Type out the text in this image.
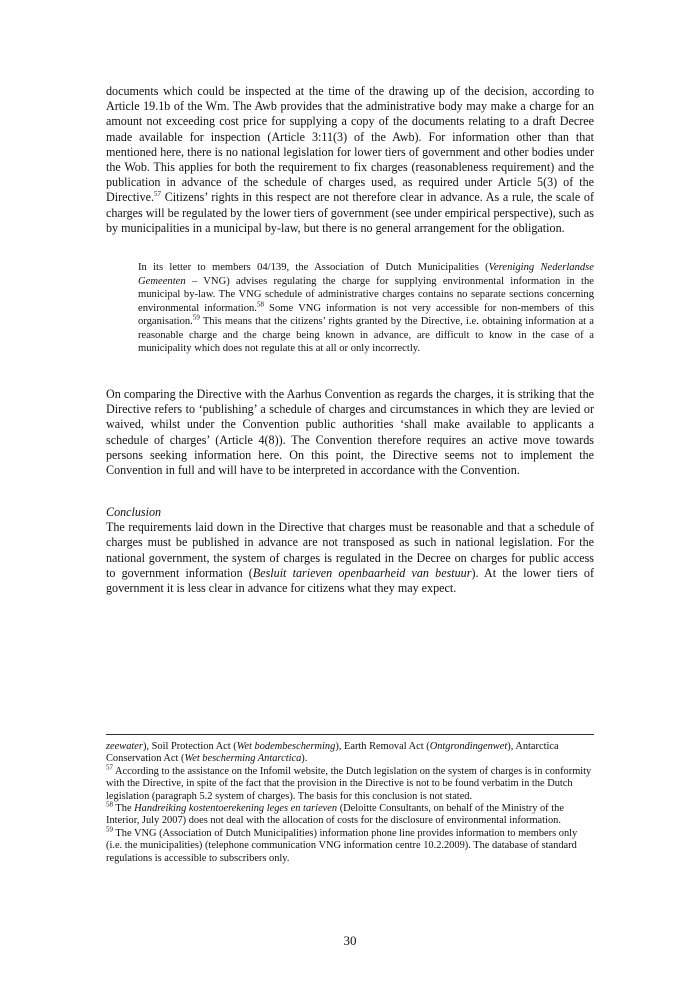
documents which could be inspected at the time of the drawing up of the decision, according to Article 19.1b of the Wm. The Awb provides that the administrative body may make a charge for an amount not exceeding cost price for supplying a copy of the documents relating to a draft Decree made available for inspection (Article 3:11(3) of the Awb). For information other than that mentioned here, there is no national legislation for lower tiers of government and other bodies under the Wob. This applies for both the requirement to fix charges (reasonableness requirement) and the publication in advance of the schedule of charges used, as required under Article 5(3) of the Directive.$^{57}$ Citizens’ rights in this respect are not therefore clear in advance. As a rule, the scale of charges will be regulated by the lower tiers of government (see under empirical perspective), such as by municipalities in a municipal by-law, but there is no general arrangement for the obligation.

In its letter to members 04/139, the Association of Dutch Municipalities (Vereniging Nederlandse Gemeenten – VNG) advises regulating the charge for supplying environmental information in the municipal by-law. The VNG schedule of administrative charges contains no separate sections concerning environmental information.$^{58}$ Some VNG information is not very accessible for non-members of this organisation.$^{59}$ This means that the citizens’ rights granted by the Directive, i.e. obtaining information at a reasonable charge and the charge being known in advance, are difficult to know in the case of a municipality which does not regulate this at all or only incorrectly.

On comparing the Directive with the Aarhus Convention as regards the charges, it is striking that the Directive refers to ‘publishing’ a schedule of charges and circumstances in which they are levied or waived, whilst under the Convention public authorities ‘shall make available to applicants a schedule of charges’ (Article 4(8)). The Convention therefore requires an active move towards persons seeking information here. On this point, the Directive seems not to implement the Convention in full and will have to be interpreted in accordance with the Convention.

Conclusion

The requirements laid down in the Directive that charges must be reasonable and that a schedule of charges must be published in advance are not transposed as such in national legislation. For the national government, the system of charges is regulated in the Decree on charges for public access to government information (Besluit tarieven openbaarheid van bestuur). At the lower tiers of government it is less clear in advance for citizens what they may expect.

zeewater), Soil Protection Act (Wet bodembescherming), Earth Removal Act (Ontgrondingenwet), Antarctica Conservation Act (Wet bescherming Antarctica).

$^{57}$ According to the assistance on the Infomil website, the Dutch legislation on the system of charges is in conformity with the Directive, in spite of the fact that the provision in the Directive is not to be found verbatim in the Dutch legislation (paragraph 5.2 system of charges). The basis for this conclusion is not stated.

$^{58}$ The Handreiking kostentoerekening leges en tarieven (Deloitte Consultants, on behalf of the Ministry of the Interior, July 2007) does not deal with the allocation of costs for the disclosure of environmental information.

$^{59}$ The VNG (Association of Dutch Municipalities) information phone line provides information to members only (i.e. the municipalities) (telephone communication VNG information centre 10.2.2009). The database of standard regulations is accessible to subscribers only.

30
